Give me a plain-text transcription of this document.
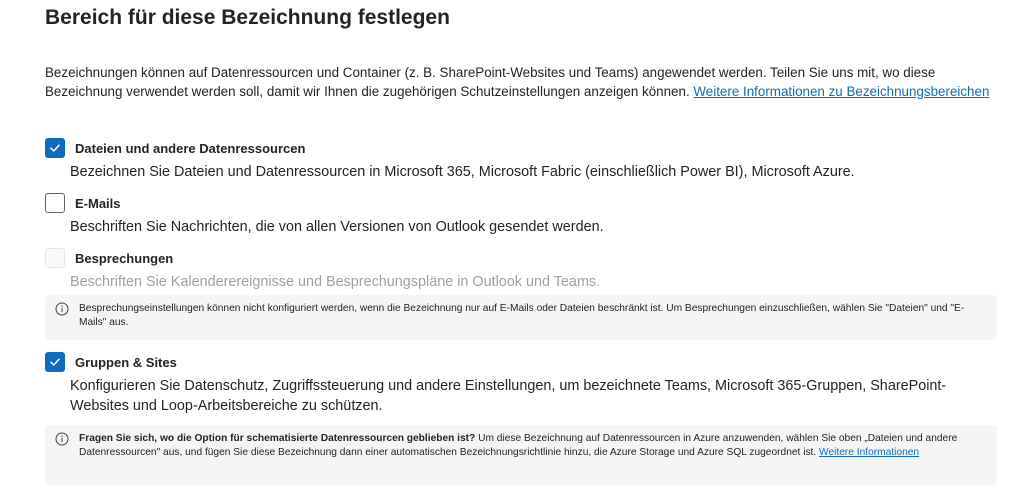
Bereich für diese Bezeichnung festlegen

Bezeichnungen können auf Datenressourcen und Container (z. B. SharePoint-Websites und Teams) angewendet werden. Teilen Sie uns mit, wo diese Bezeichnung verwendet werden soll, damit wir Ihnen die zugehörigen Schutzeinstellungen anzeigen können. Weitere Informationen zu Bezeichnungsbereichen

Dateien und andere Datenressourcen
Bezeichnen Sie Dateien und Datenressourcen in Microsoft 365, Microsoft Fabric (einschließlich Power BI), Microsoft Azure.
E-Mails
Beschriften Sie Nachrichten, die von allen Versionen von Outlook gesendet werden.
Besprechungen
Beschriften Sie Kalenderereignisse und Besprechungspläne in Outlook und Teams.
Besprechungseinstellungen können nicht konfiguriert werden, wenn die Bezeichnung nur auf E-Mails oder Dateien beschränkt ist. Um Besprechungen einzuschließen, wählen Sie "Dateien" und "E-Mails" aus.
Gruppen & Sites
Konfigurieren Sie Datenschutz, Zugriffssteuerung und andere Einstellungen, um bezeichnete Teams, Microsoft 365-Gruppen, SharePoint-Websites und Loop-Arbeitsbereiche zu schützen.
Fragen Sie sich, wo die Option für schematisierte Datenressourcen geblieben ist? Um diese Bezeichnung auf Datenressourcen in Azure anzuwenden, wählen Sie oben „Dateien und andere Datenressourcen" aus, und fügen Sie diese Bezeichnung dann einer automatischen Bezeichnungsrichtlinie hinzu, die Azure Storage und Azure SQL zugeordnet ist. Weitere Informationen
